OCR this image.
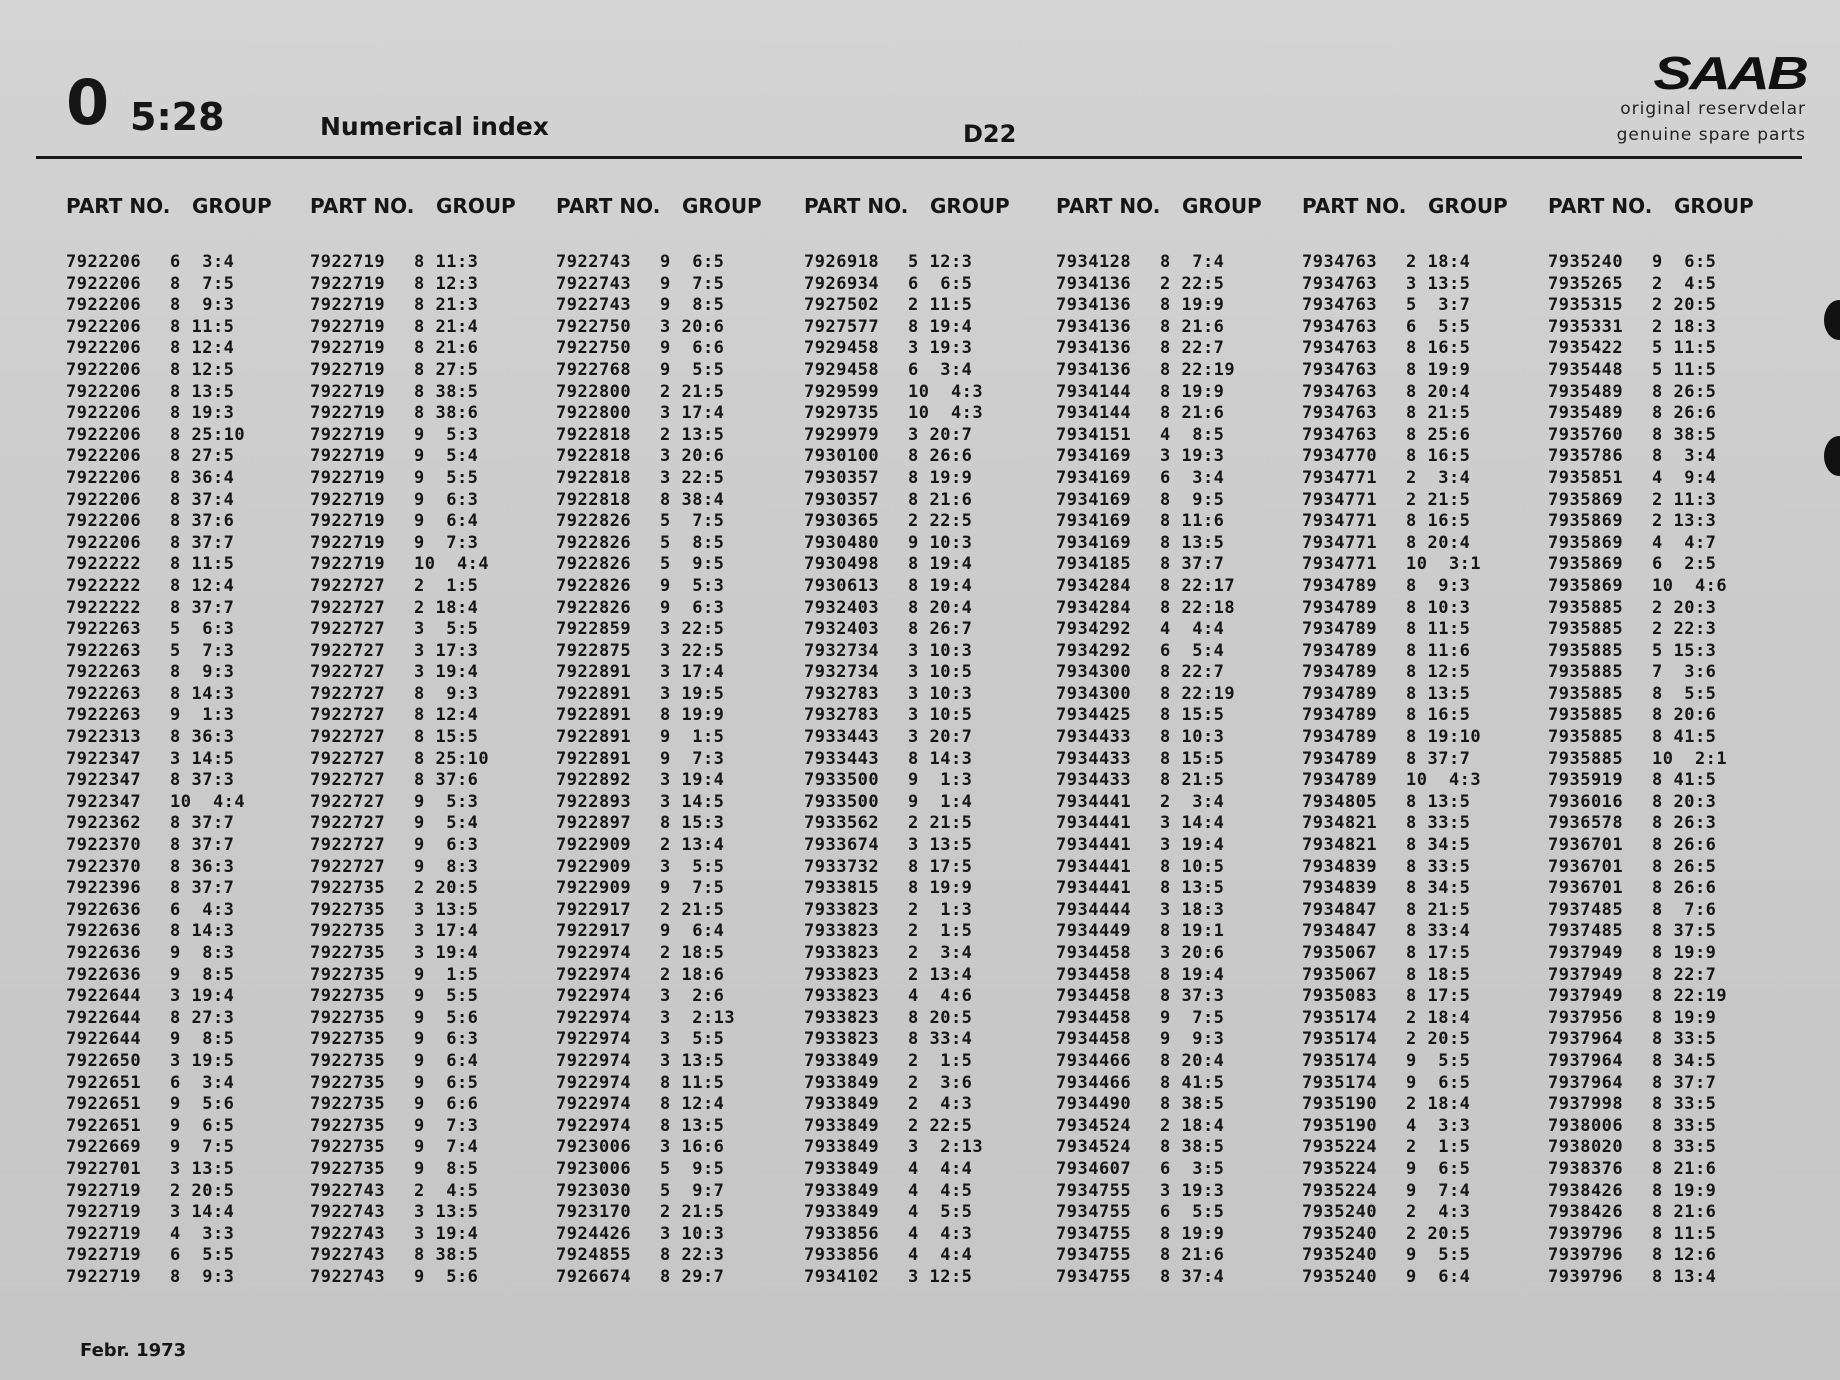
0 5:28	Numerical index	D22
SAAB
original reservdelar
genuine spare parts
PART NO. GROUP
7922206 6  3:4
7922206 8  7:5
7922206 8  9:3
7922206 8 11:5
7922206 8 12:4
7922206 8 12:5
7922206 8 13:5
7922206 8 19:3
7922206 8 25:10
7922206 8 27:5
7922206 8 36:4
7922206 8 37:4
7922206 8 37:6
7922206 8 37:7
7922222 8 11:5
7922222 8 12:4
7922222 8 37:7
7922263 5  6:3
7922263 5  7:3
7922263 8  9:3
7922263 8 14:3
7922263 9  1:3
7922313 8 36:3
7922347 3 14:5
7922347 8 37:3
7922347 10  4:4
7922362 8 37:7
7922370 8 37:7
7922370 8 36:3
7922396 8 37:7
7922636 6  4:3
7922636 8 14:3
7922636 9  8:3
7922636 9  8:5
7922644 3 19:4
7922644 8 27:3
7922644 9  8:5
7922650 3 19:5
7922651 6  3:4
7922651 9  5:6
7922651 9  6:5
7922669 9  7:5
7922701 3 13:5
7922719 2 20:5
7922719 3 14:4
7922719 4  3:3
7922719 6  5:5
7922719 8  9:3
PART NO. GROUP
7922719 8 11:3
7922719 8 12:3
7922719 8 21:3
7922719 8 21:4
7922719 8 21:6
7922719 8 27:5
7922719 8 38:5
7922719 8 38:6
7922719 9  5:3
7922719 9  5:4
7922719 9  5:5
7922719 9  6:3
7922719 9  6:4
7922719 9  7:3
7922719 10  4:4
7922727 2  1:5
7922727 2 18:4
7922727 3  5:5
7922727 3 17:3
7922727 3 19:4
7922727 8  9:3
7922727 8 12:4
7922727 8 15:5
7922727 8 25:10
7922727 8 37:6
7922727 9  5:3
7922727 9  5:4
7922727 9  6:3
7922727 9  8:3
7922735 2 20:5
7922735 3 13:5
7922735 3 17:4
7922735 3 19:4
7922735 9  1:5
7922735 9  5:5
7922735 9  5:6
7922735 9  6:3
7922735 9  6:4
7922735 9  6:5
7922735 9  6:6
7922735 9  7:3
7922735 9  7:4
7922735 9  8:5
7922743 2  4:5
7922743 3 13:5
7922743 3 19:4
7922743 8 38:5
7922743 9  5:6
PART NO. GROUP
7922743 9  6:5
7922743 9  7:5
7922743 9  8:5
7922750 3 20:6
7922750 9  6:6
7922768 9  5:5
7922800 2 21:5
7922800 3 17:4
7922818 2 13:5
7922818 3 20:6
7922818 3 22:5
7922818 8 38:4
7922826 5  7:5
7922826 5  8:5
7922826 5  9:5
7922826 9  5:3
7922826 9  6:3
7922859 3 22:5
7922875 3 22:5
7922891 3 17:4
7922891 3 19:5
7922891 8 19:9
7922891 9  1:5
7922891 9  7:3
7922892 3 19:4
7922893 3 14:5
7922897 8 15:3
7922909 2 13:4
7922909 3  5:5
7922909 9  7:5
7922917 2 21:5
7922917 9  6:4
7922974 2 18:5
7922974 2 18:6
7922974 3  2:6
7922974 3  2:13
7922974 3  5:5
7922974 3 13:5
7922974 8 11:5
7922974 8 12:4
7922974 8 13:5
7923006 3 16:6
7923006 5  9:5
7923030 5  9:7
7923170 2 21:5
7924426 3 10:3
7924855 8 22:3
7926674 8 29:7
PART NO. GROUP
7926918 5 12:3
7926934 6  6:5
7927502 2 11:5
7927577 8 19:4
7929458 3 19:3
7929458 6  3:4
7929599 10  4:3
7929735 10  4:3
7929979 3 20:7
7930100 8 26:6
7930357 8 19:9
7930357 8 21:6
7930365 2 22:5
7930480 9 10:3
7930498 8 19:4
7930613 8 19:4
7932403 8 20:4
7932403 8 26:7
7932734 3 10:3
7932734 3 10:5
7932783 3 10:3
7932783 3 10:5
7933443 3 20:7
7933443 8 14:3
7933500 9  1:3
7933500 9  1:4
7933562 2 21:5
7933674 3 13:5
7933732 8 17:5
7933815 8 19:9
7933823 2  1:3
7933823 2  1:5
7933823 2  3:4
7933823 2 13:4
7933823 4  4:6
7933823 8 20:5
7933823 8 33:4
7933849 2  1:5
7933849 2  3:6
7933849 2  4:3
7933849 2 22:5
7933849 3  2:13
7933849 4  4:4
7933849 4  4:5
7933849 4  5:5
7933856 4  4:3
7933856 4  4:4
7934102 3 12:5
PART NO. GROUP
7934128 8  7:4
7934136 2 22:5
7934136 8 19:9
7934136 8 21:6
7934136 8 22:7
7934136 8 22:19
7934144 8 19:9
7934144 8 21:6
7934151 4  8:5
7934169 3 19:3
7934169 6  3:4
7934169 8  9:5
7934169 8 11:6
7934169 8 13:5
7934185 8 37:7
7934284 8 22:17
7934284 8 22:18
7934292 4  4:4
7934292 6  5:4
7934300 8 22:7
7934300 8 22:19
7934425 8 15:5
7934433 8 10:3
7934433 8 15:5
7934433 8 21:5
7934441 2  3:4
7934441 3 14:4
7934441 3 19:4
7934441 8 10:5
7934441 8 13:5
7934444 3 18:3
7934449 8 19:1
7934458 3 20:6
7934458 8 19:4
7934458 8 37:3
7934458 9  7:5
7934458 9  9:3
7934466 8 20:4
7934466 8 41:5
7934490 8 38:5
7934524 2 18:4
7934524 8 38:5
7934607 6  3:5
7934755 3 19:3
7934755 6  5:5
7934755 8 19:9
7934755 8 21:6
7934755 8 37:4
PART NO. GROUP
7934763 2 18:4
7934763 3 13:5
7934763 5  3:7
7934763 6  5:5
7934763 8 16:5
7934763 8 19:9
7934763 8 20:4
7934763 8 21:5
7934763 8 25:6
7934770 8 16:5
7934771 2  3:4
7934771 2 21:5
7934771 8 16:5
7934771 8 20:4
7934771 10  3:1
7934789 8  9:3
7934789 8 10:3
7934789 8 11:5
7934789 8 11:6
7934789 8 12:5
7934789 8 13:5
7934789 8 16:5
7934789 8 19:10
7934789 8 37:7
7934789 10  4:3
7934805 8 13:5
7934821 8 33:5
7934821 8 34:5
7934839 8 33:5
7934839 8 34:5
7934847 8 21:5
7934847 8 33:4
7935067 8 17:5
7935067 8 18:5
7935083 8 17:5
7935174 2 18:4
7935174 2 20:5
7935174 9  5:5
7935174 9  6:5
7935190 2 18:4
7935190 4  3:3
7935224 2  1:5
7935224 9  6:5
7935224 9  7:4
7935240 2  4:3
7935240 2 20:5
7935240 9  5:5
7935240 9  6:4
PART NO. GROUP
7935240 9  6:5
7935265 2  4:5
7935315 2 20:5
7935331 2 18:3
7935422 5 11:5
7935448 5 11:5
7935489 8 26:5
7935489 8 26:6
7935760 8 38:5
7935786 8  3:4
7935851 4  9:4
7935869 2 11:3
7935869 2 13:3
7935869 4  4:7
7935869 6  2:5
7935869 10  4:6
7935885 2 20:3
7935885 2 22:3
7935885 5 15:3
7935885 7  3:6
7935885 8  5:5
7935885 8 20:6
7935885 8 41:5
7935885 10  2:1
7935919 8 41:5
7936016 8 20:3
7936578 8 26:3
7936701 8 26:6
7936701 8 26:5
7936701 8 26:6
7937485 8  7:6
7937485 8 37:5
7937949 8 19:9
7937949 8 22:7
7937949 8 22:19
7937956 8 19:9
7937964 8 33:5
7937964 8 34:5
7937964 8 37:7
7937998 8 33:5
7938006 8 33:5
7938020 8 33:5
7938376 8 21:6
7938426 8 19:9
7938426 8 21:6
7939796 8 11:5
7939796 8 12:6
7939796 8 13:4
Febr. 1973
